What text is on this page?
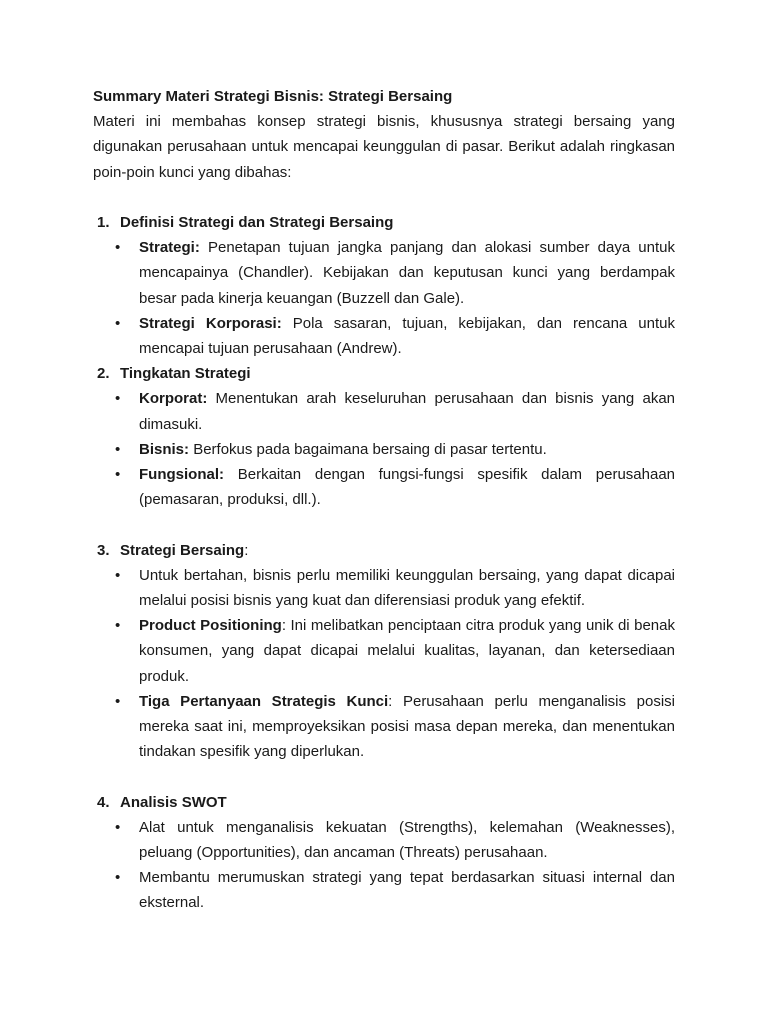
Summary Materi Strategi Bisnis: Strategi Bersaing

Materi ini membahas konsep strategi bisnis, khususnya strategi bersaing yang digunakan perusahaan untuk mencapai keunggulan di pasar. Berikut adalah ringkasan poin-poin kunci yang dibahas:

1. Definisi Strategi dan Strategi Bersaing

• Strategi: Penetapan tujuan jangka panjang dan alokasi sumber daya untuk mencapainya (Chandler). Kebijakan dan keputusan kunci yang berdampak besar pada kinerja keuangan (Buzzell dan Gale).
• Strategi Korporasi: Pola sasaran, tujuan, kebijakan, dan rencana untuk mencapai tujuan perusahaan (Andrew).

2. Tingkatan Strategi

• Korporat: Menentukan arah keseluruhan perusahaan dan bisnis yang akan dimasuki.
• Bisnis: Berfokus pada bagaimana bersaing di pasar tertentu.
• Fungsional: Berkaitan dengan fungsi-fungsi spesifik dalam perusahaan (pemasaran, produksi, dll.).

3. Strategi Bersaing:

• Untuk bertahan, bisnis perlu memiliki keunggulan bersaing, yang dapat dicapai melalui posisi bisnis yang kuat dan diferensiasi produk yang efektif.
• Product Positioning: Ini melibatkan penciptaan citra produk yang unik di benak konsumen, yang dapat dicapai melalui kualitas, layanan, dan ketersediaan produk.
• Tiga Pertanyaan Strategis Kunci: Perusahaan perlu menganalisis posisi mereka saat ini, memproyeksikan posisi masa depan mereka, dan menentukan tindakan spesifik yang diperlukan.

4. Analisis SWOT

• Alat untuk menganalisis kekuatan (Strengths), kelemahan (Weaknesses), peluang (Opportunities), dan ancaman (Threats) perusahaan.
• Membantu merumuskan strategi yang tepat berdasarkan situasi internal dan eksternal.
